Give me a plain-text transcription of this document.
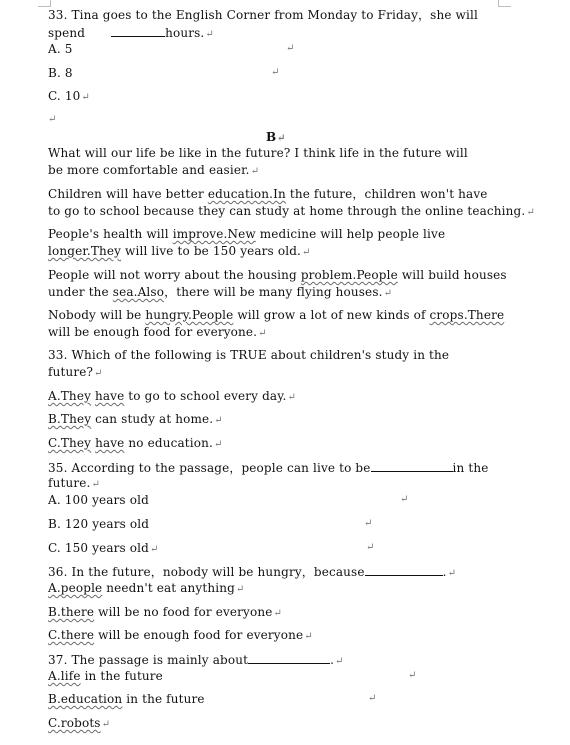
33. Tina goes to the English Corner from Monday to Friday，she will
spend	hours.↵
A. 5	↵
B. 8	↵
C. 10↵
↵
B↵
What will our life be like in the future? I think life in the future will
be more comfortable and easier.↵
Children will have better education.In the future，children won't have
to go to school because they can study at home through the online teaching.↵
People's health will improve.New medicine will help people live
longer.They will live to be 150 years old.↵
People will not worry about the housing problem.People will build houses
under the sea.Also，there will be many flying houses.↵
Nobody will be hungry.People will grow a lot of new kinds of crops.There
will be enough food for everyone.↵
33. Which of the following is TRUE about children's study in the
future?↵
A.They have to go to school every day.↵
B.They can study at home.↵
C.They have no education.↵
35. According to the passage，people can live to be	in the
future.↵
A. 100 years old	↵
B. 120 years old	↵
C. 150 years old↵	↵
36. In the future，nobody will be hungry，because	.↵
A.people needn't eat anything↵
B.there will be no food for everyone↵
C.there will be enough food for everyone↵
37. The passage is mainly about	.↵
A.life in the future	↵
B.education in the future	↵
C.robots↵
